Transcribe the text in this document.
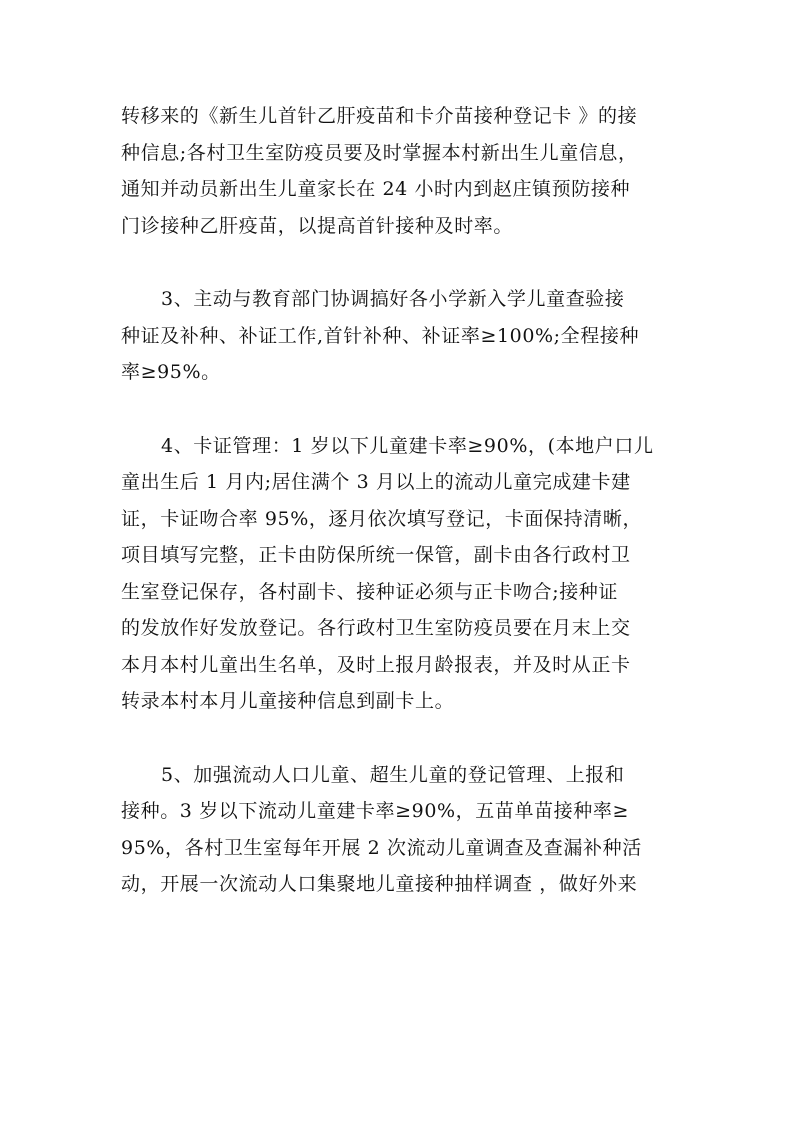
转移来的《新生儿首针乙肝疫苗和卡介苗接种登记卡 》的接
种信息;各村卫生室防疫员要及时掌握本村新出生儿童信息，
通知并动员新出生儿童家长在 24 小时内到赵庄镇预防接种
门诊接种乙肝疫苗，以提高首针接种及时率。
3、主动与教育部门协调搞好各小学新入学儿童查验接
种证及补种、补证工作,首针补种、补证率≥100%;全程接种
率≥95%。
4、卡证管理：1 岁以下儿童建卡率≥90%，(本地户口儿
童出生后 1 月内;居住满个 3 月以上的流动儿童完成建卡建
证，卡证吻合率 95%，逐月依次填写登记，卡面保持清晰，
项目填写完整，正卡由防保所统一保管，副卡由各行政村卫
生室登记保存，各村副卡、接种证必须与正卡吻合;接种证
的发放作好发放登记。各行政村卫生室防疫员要在月末上交
本月本村儿童出生名单，及时上报月龄报表，并及时从正卡
转录本村本月儿童接种信息到副卡上。
5、加强流动人口儿童、超生儿童的登记管理、上报和
接种。3 岁以下流动儿童建卡率≥90%，五苗单苗接种率≥
95%，各村卫生室每年开展 2 次流动儿童调查及查漏补种活
动，开展一次流动人口集聚地儿童接种抽样调查 ，做好外来
